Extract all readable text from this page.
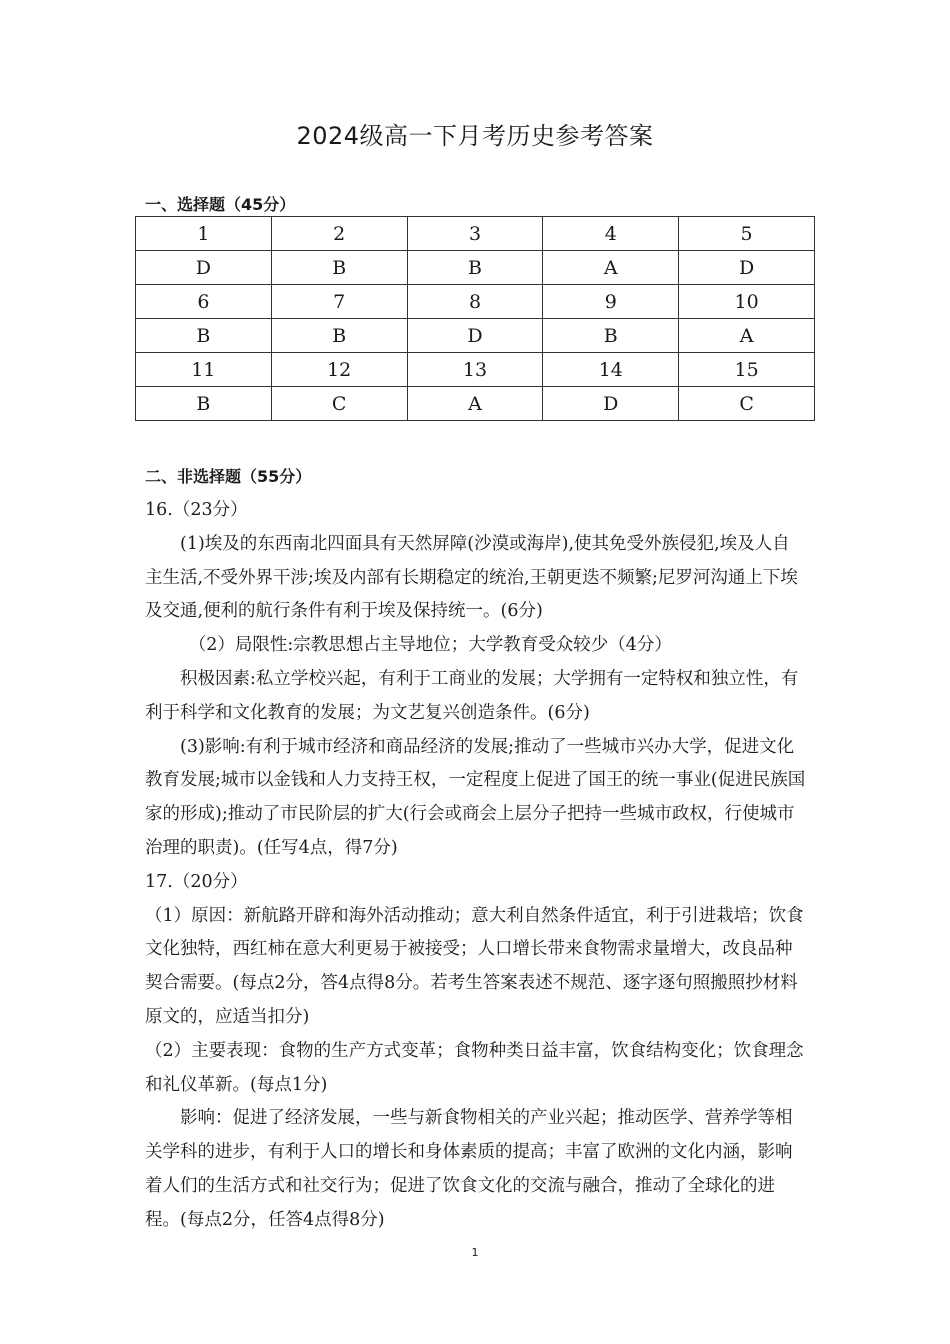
2024级高一下月考历史参考答案
一、选择题（45分）
1	2	3	4	5
D	B	B	A	D
6	7	8	9	10
B	B	D	B	A
11	12	13	14	15
B	C	A	D	C
二、非选择题（55分）

16.（23分）

(1)埃及的东西南北四面具有天然屏障(沙漠或海岸),使其免受外族侵犯,埃及人自主生活,不受外界干涉;埃及内部有长期稳定的统治,王朝更迭不频繁;尼罗河沟通上下埃及交通,便利的航行条件有利于埃及保持统一。(6分)

（2）局限性:宗教思想占主导地位；大学教育受众较少（4分）

积极因素:私立学校兴起，有利于工商业的发展；大学拥有一定特权和独立性，有利于科学和文化教育的发展；为文艺复兴创造条件。(6分)

(3)影响:有利于城市经济和商品经济的发展;推动了一些城市兴办大学，促进文化教育发展;城市以金钱和人力支持王权，一定程度上促进了国王的统一事业(促进民族国家的形成);推动了市民阶层的扩大(行会或商会上层分子把持一些城市政权，行使城市治理的职责)。(任写4点，得7分)

17.（20分）

（1）原因：新航路开辟和海外活动推动；意大利自然条件适宜，利于引进栽培；饮食文化独特，西红柿在意大利更易于被接受；人口增长带来食物需求量增大，改良品种契合需要。(每点2分，答4点得8分。若考生答案表述不规范、逐字逐句照搬照抄材料原文的，应适当扣分)

（2）主要表现：食物的生产方式变革；食物种类日益丰富，饮食结构变化；饮食理念和礼仪革新。(每点1分)

影响：促进了经济发展，一些与新食物相关的产业兴起；推动医学、营养学等相关学科的进步，有利于人口的增长和身体素质的提高；丰富了欧洲的文化内涵，影响着人们的生活方式和社交行为；促进了饮食文化的交流与融合，推动了全球化的进程。(每点2分，任答4点得8分)

1
